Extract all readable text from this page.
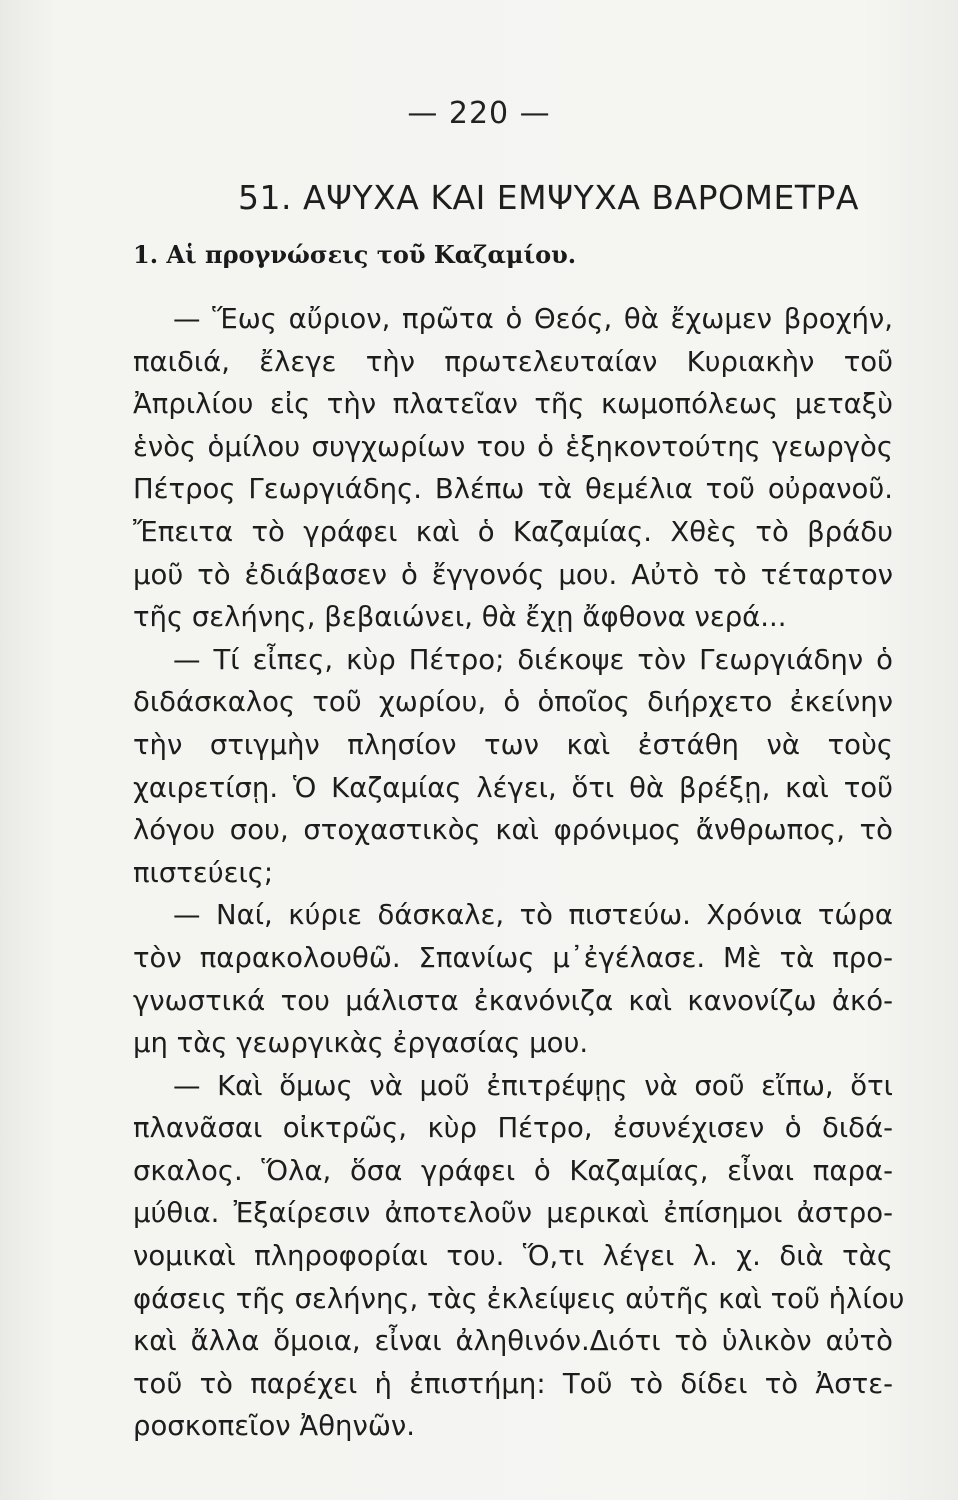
— 220 —
51. ΑΨΥΧΑ ΚΑΙ ΕΜΨΥΧΑ ΒΑΡΟΜΕΤΡΑ
1. Αἱ προγνώσεις τοῦ Καζαμίου.
— Ἕως αὔριον, πρῶτα ὁ Θεός, θὰ ἔχωμεν βροχήν,
παιδιά, ἔλεγε τὴν πρωτελευταίαν Κυριακὴν τοῦ
Ἀπριλίου εἰς τὴν πλατεῖαν τῆς κωμοπόλεως μεταξὺ
ἑνὸς ὁμίλου συγχωρίων του ὁ ἑξηκοντούτης γεωργὸς
Πέτρος Γεωργιάδης. Βλέπω τὰ θεμέλια τοῦ οὐρανοῦ.
Ἔπειτα τὸ γράφει καὶ ὁ Καζαμίας. Χθὲς τὸ βράδυ
μοῦ τὸ ἐδιάβασεν ὁ ἔγγονός μου. Αὐτὸ τὸ τέταρτον
τῆς σελήνης, βεβαιώνει, θὰ ἔχῃ ἄφθονα νερά...
— Τί εἶπες, κὺρ Πέτρο; διέκοψε τὸν Γεωργιάδην ὁ
διδάσκαλος τοῦ χωρίου, ὁ ὁποῖος διήρχετο ἐκείνην
τὴν στιγμὴν πλησίον των καὶ ἐστάθη νὰ τοὺς
χαιρετίσῃ. Ὁ Καζαμίας λέγει, ὅτι θὰ βρέξῃ, καὶ τοῦ
λόγου σου, στοχαστικὸς καὶ φρόνιμος ἄνθρωπος, τὸ
πιστεύεις;
— Ναί, κύριε δάσκαλε, τὸ πιστεύω. Χρόνια τώρα
τὸν παρακολουθῶ. Σπανίως μ᾿ἐγέλασε. Μὲ τὰ προ-
γνωστικά του μάλιστα ἐκανόνιζα καὶ κανονίζω ἀκό-
μη τὰς γεωργικὰς ἐργασίας μου.
— Καὶ ὅμως νὰ μοῦ ἐπιτρέψῃς νὰ σοῦ εἴπω, ὅτι
πλανᾶσαι οἰκτρῶς, κὺρ Πέτρο, ἐσυνέχισεν ὁ διδά-
σκαλος. Ὅλα, ὅσα γράφει ὁ Καζαμίας, εἶναι παρα-
μύθια. Ἐξαίρεσιν ἀποτελοῦν μερικαὶ ἐπίσημοι ἀστρο-
νομικαὶ πληροφορίαι του. Ὅ,τι λέγει λ. χ. διὰ τὰς
φάσεις τῆς σελήνης, τὰς ἐκλείψεις αὐτῆς καὶ τοῦ ἡλίου
καὶ ἄλλα ὅμοια, εἶναι ἀληθινόν.Διότι τὸ ὑλικὸν αὐτὸ
τοῦ τὸ παρέχει ἡ ἐπιστήμη: Τοῦ τὸ δίδει τὸ Ἀστε-
ροσκοπεῖον Ἀθηνῶν.
